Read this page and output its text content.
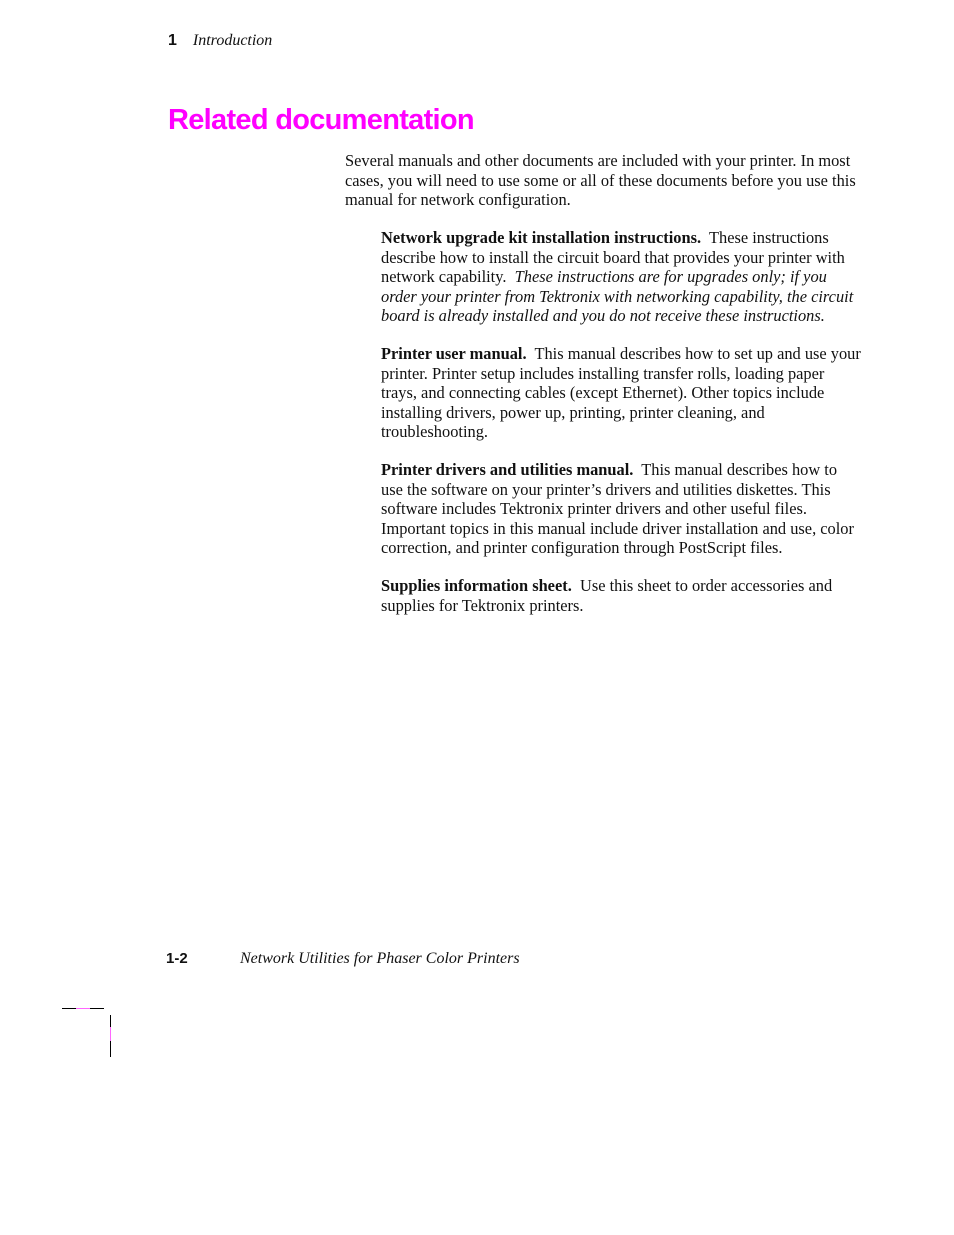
1 Introduction
Related documentation

Several manuals and other documents are included with your printer. In most cases, you will need to use some or all of these documents before you use this manual for network configuration.

Network upgrade kit installation instructions. These instructions describe how to install the circuit board that provides your printer with network capability. These instructions are for upgrades only; if you order your printer from Tektronix with networking capability, the circuit board is already installed and you do not receive these instructions.
Printer user manual. This manual describes how to set up and use your printer. Printer setup includes installing transfer rolls, loading paper trays, and connecting cables (except Ethernet). Other topics include installing drivers, power up, printing, printer cleaning, and troubleshooting.
Printer drivers and utilities manual. This manual describes how to use the software on your printer’s drivers and utilities diskettes. This software includes Tektronix printer drivers and other useful files. Important topics in this manual include driver installation and use, color correction, and printer configuration through PostScript files.
Supplies information sheet. Use this sheet to order accessories and supplies for Tektronix printers.
1-2	Network Utilities for Phaser Color Printers
